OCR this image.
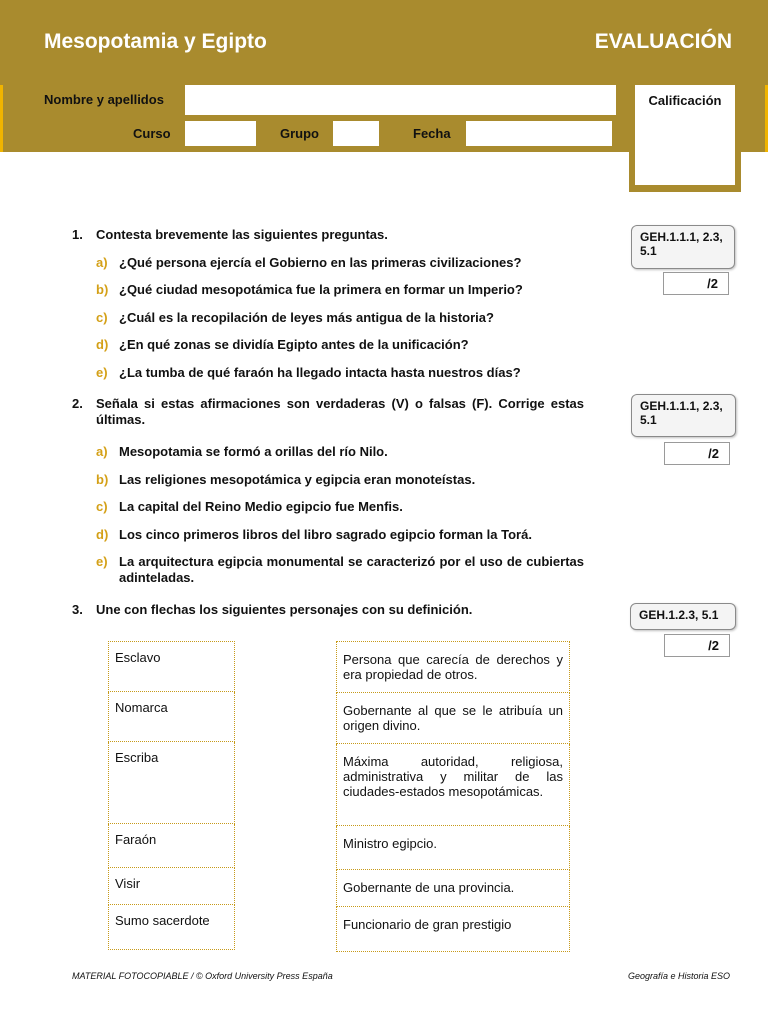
Mesopotamia y Egipto	EVALUACIÓN
Nombre y apellidos
Curso	Grupo	Fecha
Calificación
1. Contesta brevemente las siguientes preguntas.	GEH.1.1.1, 2.3, 5.1
/2
a) ¿Qué persona ejercía el Gobierno en las primeras civilizaciones?
b) ¿Qué ciudad mesopotámica fue la primera en formar un Imperio?
c) ¿Cuál es la recopilación de leyes más antigua de la historia?
d) ¿En qué zonas se dividía Egipto antes de la unificación?
e) ¿La tumba de qué faraón ha llegado intacta hasta nuestros días?
2. Señala si estas afirmaciones son verdaderas (V) o falsas (F). Corrige estas últimas.
GEH.1.1.1, 2.3, 5.1
/2
a) Mesopotamia se formó a orillas del río Nilo.
b) Las religiones mesopotámica y egipcia eran monoteístas.
c) La capital del Reino Medio egipcio fue Menfis.
d) Los cinco primeros libros del libro sagrado egipcio forman la Torá.
e) La arquitectura egipcia monumental se caracterizó por el uso de cubiertas adinteladas.
3. Une con flechas los siguientes personajes con su definición.	GEH.1.2.3, 5.1
/2
Esclavo
Nomarca
Escriba
Faraón
Visir
Sumo sacerdote
Persona que carecía de derechos y era propiedad de otros.
Gobernante al que se le atribuía un origen divino.
Máxima autoridad, religiosa, administrativa y militar de las ciudades-estados mesopotámicas.
Ministro egipcio.
Gobernante de una provincia.
Funcionario de gran prestigio
MATERIAL FOTOCOPIABLE / © Oxford University Press España	Geografía e Historia ESO
